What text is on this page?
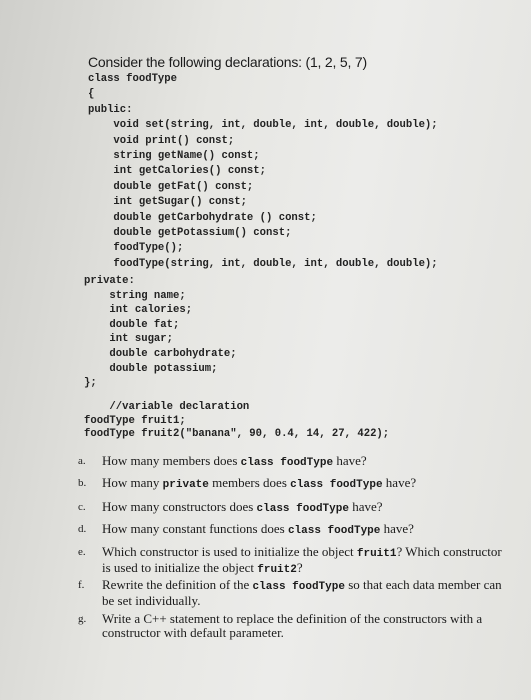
Consider the following declarations: (1, 2, 5, 7)
class foodType
{
public:
void set(string, int, double, int, double, double);
void print() const;
string getName() const;
int getCalories() const;
double getFat() const;
int getSugar() const;
double getCarbohydrate () const;
double getPotassium() const;
foodType();
foodType(string, int, double, int, double, double);
private:
string name;
int calories;
double fat;
int sugar;
double carbohydrate;
double potassium;
};
//variable declaration
foodType fruit1;
foodType fruit2("banana", 90, 0.4, 14, 27, 422);
a. How many members does class foodType have?
b. How many private members does class foodType have?
c. How many constructors does class foodType have?
d. How many constant functions does class foodType have?
e. Which constructor is used to initialize the object fruit1? Which constructor is used to initialize the object fruit2?
f. Rewrite the definition of the class foodType so that each data member can be set individually.
g. Write a C++ statement to replace the definition of the constructors with a constructor with default parameter.
